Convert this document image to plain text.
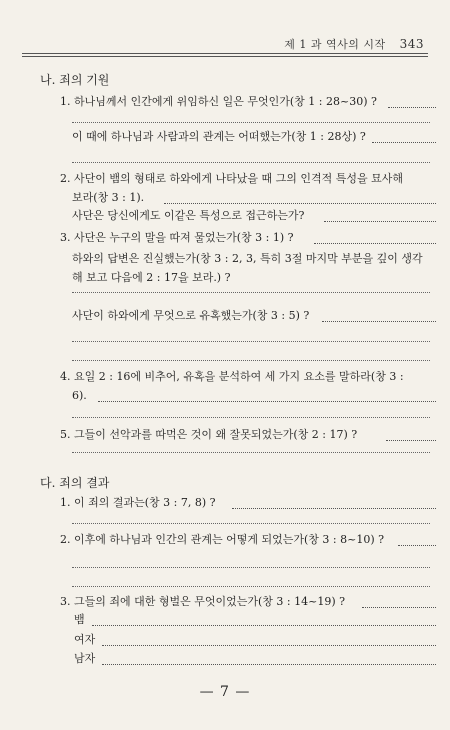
제 1 과 역사의 시작 343
나. 죄의 기원
1. 하나님께서 인간에게 위임하신 일은 무엇인가(창 1 : 28~30) ?
이 때에 하나님과 사람과의 관계는 어떠했는가(창 1 : 28상) ?
2. 사단이 뱀의 형태로 하와에게 나타났을 때 그의 인격적 특성을 묘사해
보라(창 3 : 1).
사단은 당신에게도 이같은 특성으로 접근하는가?
3. 사단은 누구의 말을 따져 물었는가(창 3 : 1) ?
하와의 답변은 진실했는가(창 3 : 2, 3, 특히 3절 마지막 부분을 깊이 생각
해 보고 다음에 2 : 17을 보라.) ?
사단이 하와에게 무엇으로 유혹했는가(창 3 : 5) ?
4. 요일 2 : 16에 비추어, 유혹을 분석하여 세 가지 요소를 말하라(창 3 :
6).
5. 그들이 선악과를 따먹은 것이 왜 잘못되었는가(창 2 : 17) ?
다. 죄의 결과
1. 이 죄의 결과는(창 3 : 7, 8) ?
2. 이후에 하나님과 인간의 관계는 어떻게 되었는가(창 3 : 8~10) ?
3. 그들의 죄에 대한 형벌은 무엇이었는가(창 3 : 14~19) ?
뱀
여자
남자
— 7 —
